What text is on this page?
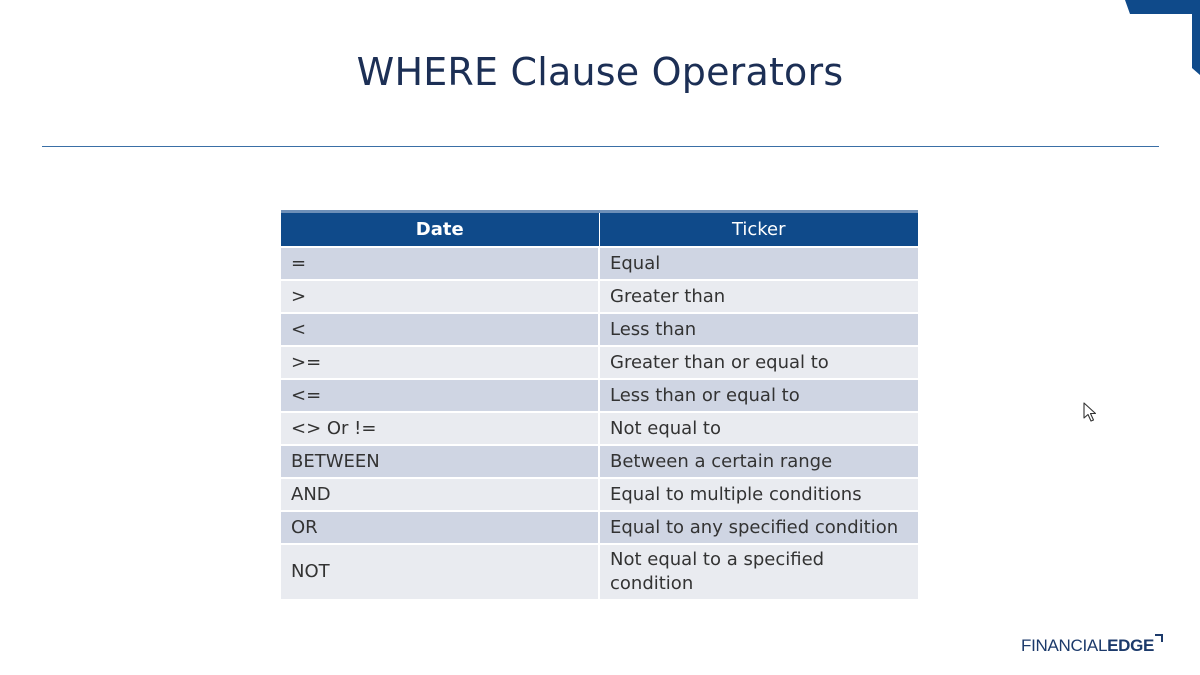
WHERE Clause Operators
Date	Ticker
=	Equal
>	Greater than
<	Less than
>=	Greater than or equal to
<=	Less than or equal to
<> Or !=	Not equal to
BETWEEN	Between a certain range
AND	Equal to multiple conditions
OR	Equal to any specified condition
NOT	Not equal to a specified condition
FINANCIALEDGE
